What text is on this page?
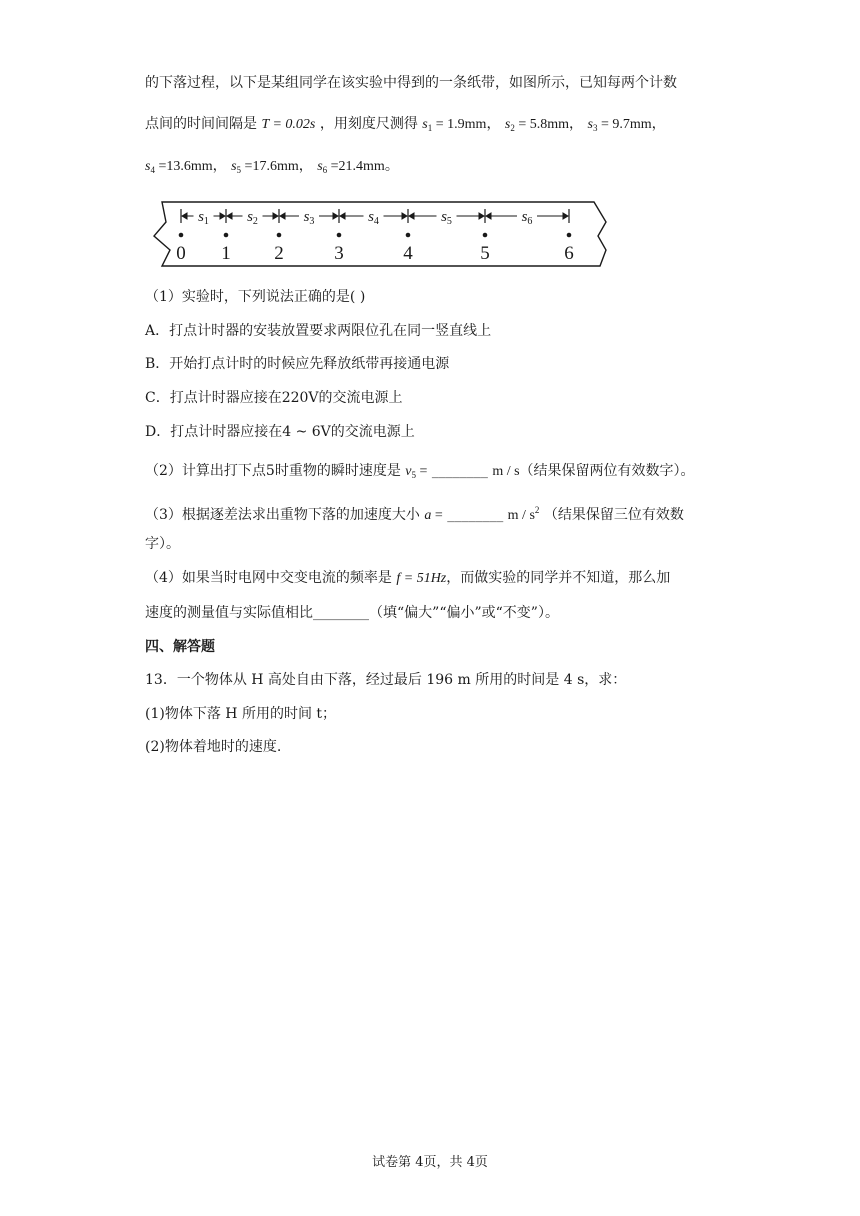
的下落过程，以下是某组同学在该实验中得到的一条纸带，如图所示，已知每两个计数
点间的时间间隔是 T = 0.02s ，用刻度尺测得 $s_1 = 1.9mm$， $s_2 = 5.8mm$， $s_3 = 9.7mm$，
$s_4 =13.6mm$， $s_5 =17.6mm$， $s_6 =21.4mm$。
$s_1$	$s_2$	$s_3$	$s_4$	$s_5$	$s_6$
0 1 2	3	4	5	6
（1）实验时，下列说法正确的是( )
A．打点计时器的安装放置要求两限位孔在同一竖直线上
B．开始打点计时的时候应先释放纸带再接通电源
C．打点计时器应接在220V的交流电源上
D．打点计时器应接在4 ~ 6V的交流电源上
（2）计算出打下点5时重物的瞬时速度是 $v_5$ = ________ m / s（结果保留两位有效数字）。
（3）根据逐差法求出重物下落的加速度大小 a = ________ m / $s^2$ （结果保留三位有效数
字）。
（4）如果当时电网中交变电流的频率是 f = 51Hz，而做实验的同学并不知道，那么加
速度的测量值与实际值相比________（填“偏大”“偏小”或“不变”）。
四、解答题
13．一个物体从 H 高处自由下落，经过最后 196 m 所用的时间是 4 s，求：
(1)物体下落 H 所用的时间 t；
(2)物体着地时的速度.
试卷第 4页，共 4页
